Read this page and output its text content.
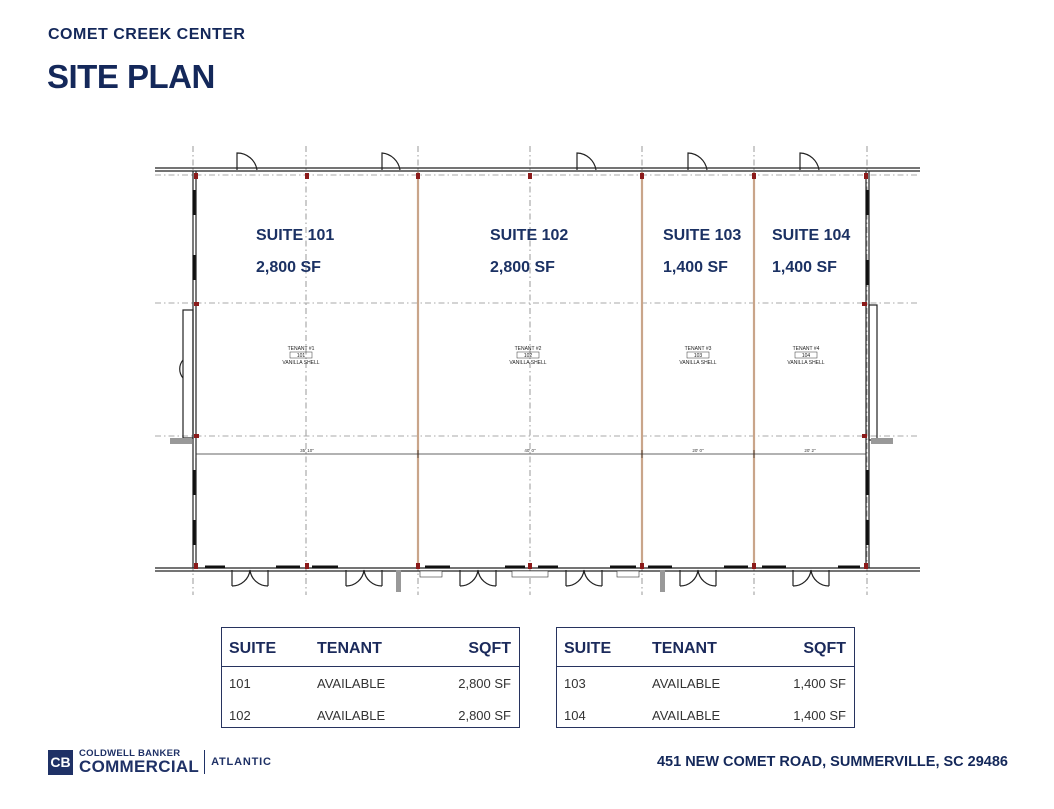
COMET CREEK CENTER
SITE PLAN
SUITE 101
2,800 SF
SUITE 102
2,800 SF
SUITE 103
1,400 SF
SUITE 104
1,400 SF
TENANT #1
101
VANILLA SHELL
TENANT #2
102
VANILLA SHELL
TENANT #3
103
VANILLA SHELL
TENANT #4
104
VANILLA SHELL
35' 10"	40' 0"	20' 0"	20' 2"
SUITE	TENANT	SQFT

101	AVAILABLE	2,800 SF
102	AVAILABLE	2,800 SF
SUITE	TENANT	SQFT

103	AVAILABLE	1,400 SF
104	AVAILABLE	1,400 SF
CB
COLDWELL BANKER
COMMERCIAL ATLANTIC	451 NEW COMET ROAD, SUMMERVILLE, SC 29486
